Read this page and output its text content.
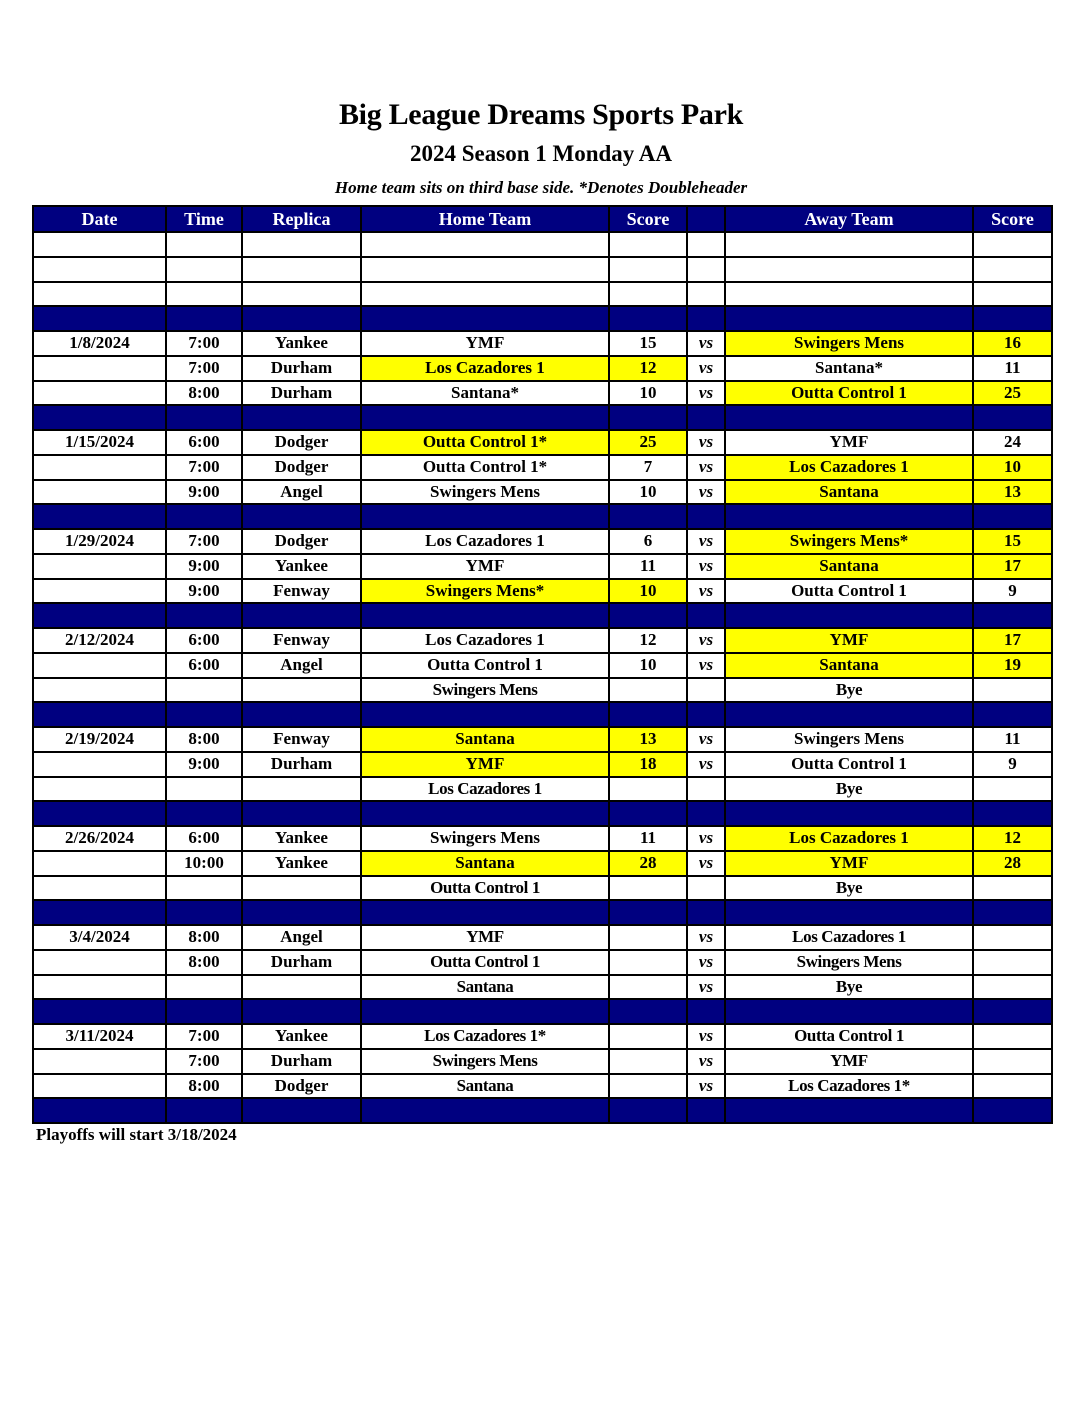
Big League Dreams Sports Park
2024 Season 1 Monday AA
Home team sits on third base side. *Denotes Doubleheader
Date	Time	Replica	Home Team	Score		Away Team	Score

1/8/2024	7:00	Yankee	YMF	15	vs	Swingers Mens	16
	7:00	Durham	Los Cazadores 1	12	vs	Santana*	11
	8:00	Durham	Santana*	10	vs	Outta Control 1	25

1/15/2024	6:00	Dodger	Outta Control 1*	25	vs	YMF	24
	7:00	Dodger	Outta Control 1*	7	vs	Los Cazadores 1	10
	9:00	Angel	Swingers Mens	10	vs	Santana	13

1/29/2024	7:00	Dodger	Los Cazadores 1	6	vs	Swingers Mens*	15
	9:00	Yankee	YMF	11	vs	Santana	17
	9:00	Fenway	Swingers Mens*	10	vs	Outta Control 1	9

2/12/2024	6:00	Fenway	Los Cazadores 1	12	vs	YMF	17
	6:00	Angel	Outta Control 1	10	vs	Santana	19
			Swingers Mens			Bye	

2/19/2024	8:00	Fenway	Santana	13	vs	Swingers Mens	11
	9:00	Durham	YMF	18	vs	Outta Control 1	9
			Los Cazadores 1			Bye	

2/26/2024	6:00	Yankee	Swingers Mens	11	vs	Los Cazadores 1	12
	10:00	Yankee	Santana	28	vs	YMF	28
			Outta Control 1			Bye	

3/4/2024	8:00	Angel	YMF		vs	Los Cazadores 1	
	8:00	Durham	Outta Control 1		vs	Swingers Mens	
			Santana		vs	Bye	

3/11/2024	7:00	Yankee	Los Cazadores 1*		vs	Outta Control 1	
	7:00	Durham	Swingers Mens		vs	YMF	
	8:00	Dodger	Santana		vs	Los Cazadores 1*	

Playoffs will start 3/18/2024
